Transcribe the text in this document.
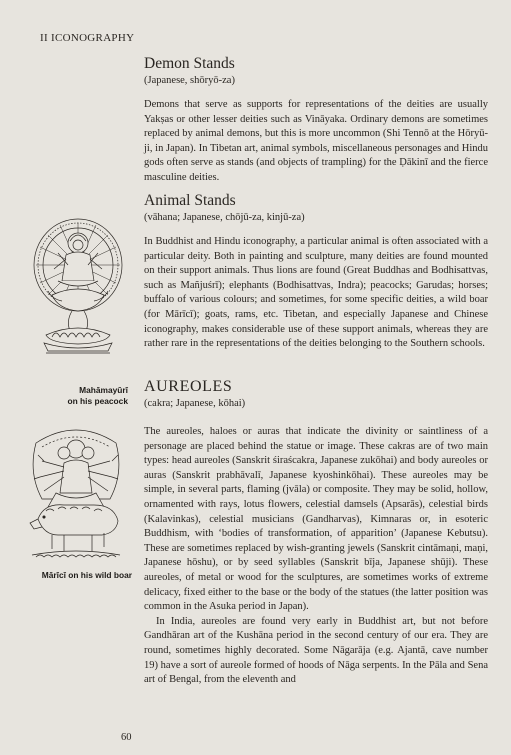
II ICONOGRAPHY
Demon Stands

(Japanese, shōryō-za)

Demons that serve as supports for representations of the deities are usually Yakṣas or other lesser deities such as Vināyaka. Ordinary demons are sometimes replaced by animal demons, but this is more uncommon (Shi Tennō at the Hōryū-ji, in Japan). In Tibetan art, animal symbols, miscellaneous personages and Hindu gods often serve as stands (and objects of trampling) for the Ḍākinī and the fierce masculine deities.

Animal Stands

(vāhana; Japanese, chōjū-za, kinjū-za)

In Buddhist and Hindu iconography, a particular animal is often associated with a particular deity. Both in painting and sculpture, many deities are found mounted on their support animals. Thus lions are found (Great Buddhas and Bodhisattvas, such as Mañjuśrī); elephants (Bodhisattvas, Indra); peacocks; Garudas; horses; buffalo of various colours; and sometimes, for some specific deities, a wild boar (for Mārīcī); goats, rams, etc. Tibetan, and especially Japanese and Chinese iconography, makes considerable use of these support animals, whereas they are rather rare in the representations of the deities belonging to the Southern schools.

AUREOLES

(cakra; Japanese, kōhai)

The aureoles, haloes or auras that indicate the divinity or saintliness of a personage are placed behind the statue or image. These cakras are of two main types: head aureoles (Sanskrit śiraścakra, Japanese zukōhai) and body aureoles or auras (Sanskrit prabhāvalī, Japanese kyoshinkōhai). These aureoles may be simple, in several parts, flaming (jvāla) or composite. They may be solid, hollow, ornamented with rays, lotus flowers, celestial damsels (Apsarās), celestial birds (Kalavinkas), celestial musicians (Gandharvas), Kimnaras or, in esoteric Buddhism, with ‘bodies of transformation, of apparition’ (Japanese Kebutsu). These are sometimes replaced by wish-granting jewels (Sanskrit cintāmaṇi, maṇi, Japanese hōshu), or by seed syllables (Sanskrit bīja, Japanese shūji). These aureoles, of metal or wood for the sculptures, are sometimes works of extreme delicacy, fixed either to the base or the body of the statues (the latter position was common in the Asuka period in Japan).

In India, aureoles are found very early in Buddhist art, but not before Gandhāran art of the Kushāna period in the second century of our era. They are round, sometimes highly decorated. Some Nāgarāja (e.g. Ajantā, cave number 19) have a sort of aureole formed of hoods of Nāga serpents. In the Pāla and Sena art of Bengal, from the eleventh and

Mahāmayūrī
on his peacock
Mārīcī on his wild boar
60
